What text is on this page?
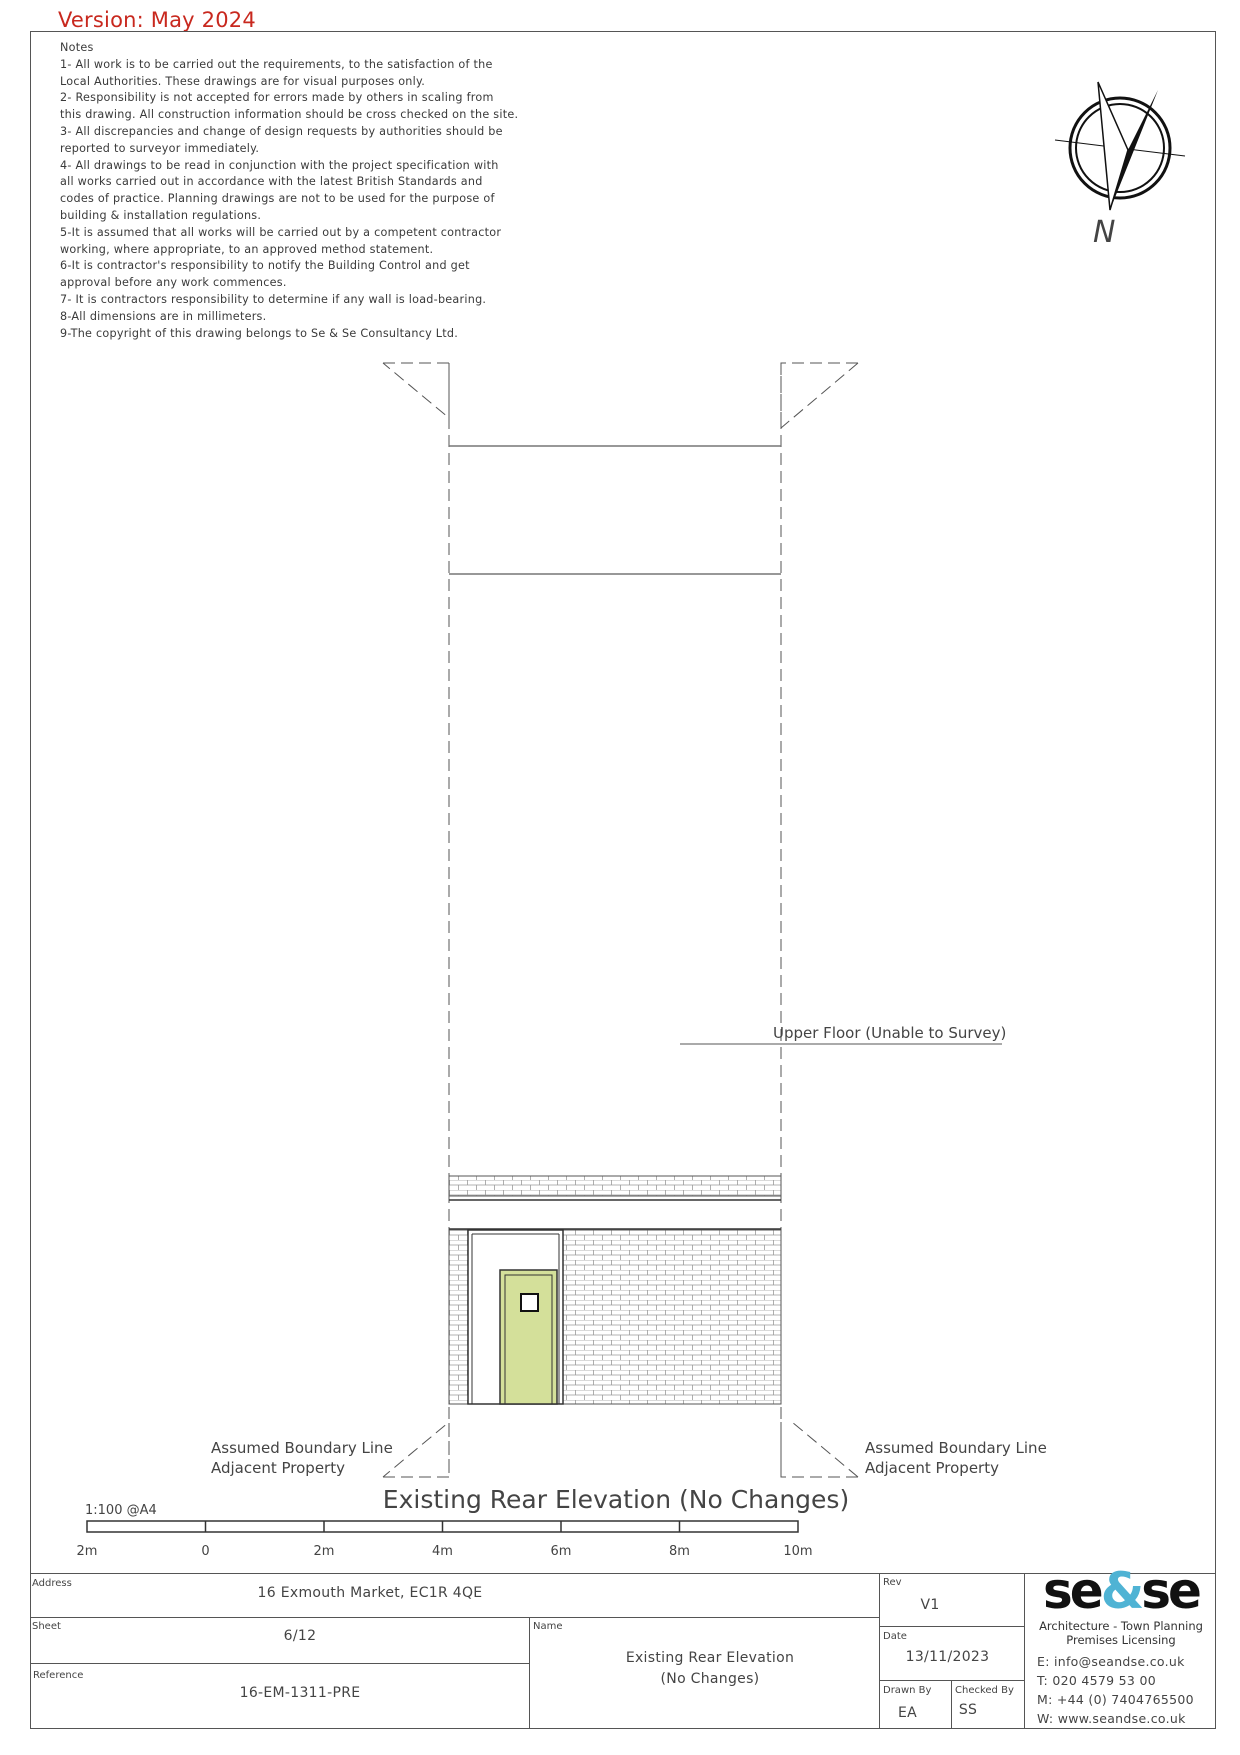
Version: May 2024
Notes
1- All work is to be carried out the requirements, to the satisfaction of the
Local Authorities. These drawings are for visual purposes only.
2- Responsibility is not accepted for errors made by others in scaling from
this drawing. All construction information should be cross checked on the site.
3- All discrepancies and change of design requests by authorities should be
reported to surveyor immediately.
4- All drawings to be read in conjunction with the project specification with
all works carried out in accordance with the latest British Standards and
codes of practice. Planning drawings are not to be used for the purpose of
building & installation regulations.
5-It is assumed that all works will be carried out by a competent contractor
working, where appropriate, to an approved method statement.
6-It is contractor's responsibility to notify the Building Control and get
approval before any work commences.
7- It is contractors responsibility to determine if any wall is load-bearing.
8-All dimensions are in millimeters.
9-The copyright of this drawing belongs to Se & Se Consultancy Ltd.
N
Upper Floor (Unable to Survey)
Assumed Boundary Line
Adjacent Property
Assumed Boundary Line
Adjacent Property
Existing Rear Elevation (No Changes)
1:100 @A4
2m	0	2m	4m	6m	8m	10m
Address
16 Exmouth Market, EC1R 4QE
Sheet
6/12
Reference
16-EM-1311-PRE
Name
Existing Rear Elevation
(No Changes)
Rev
V1
Date
13/11/2023
Drawn By
EA
Checked By
SS
se&se
Architecture - Town Planning
Premises Licensing
E: info@seandse.co.uk
T: 020 4579 53 00
M: +44 (0) 7404765500
W: www.seandse.co.uk
